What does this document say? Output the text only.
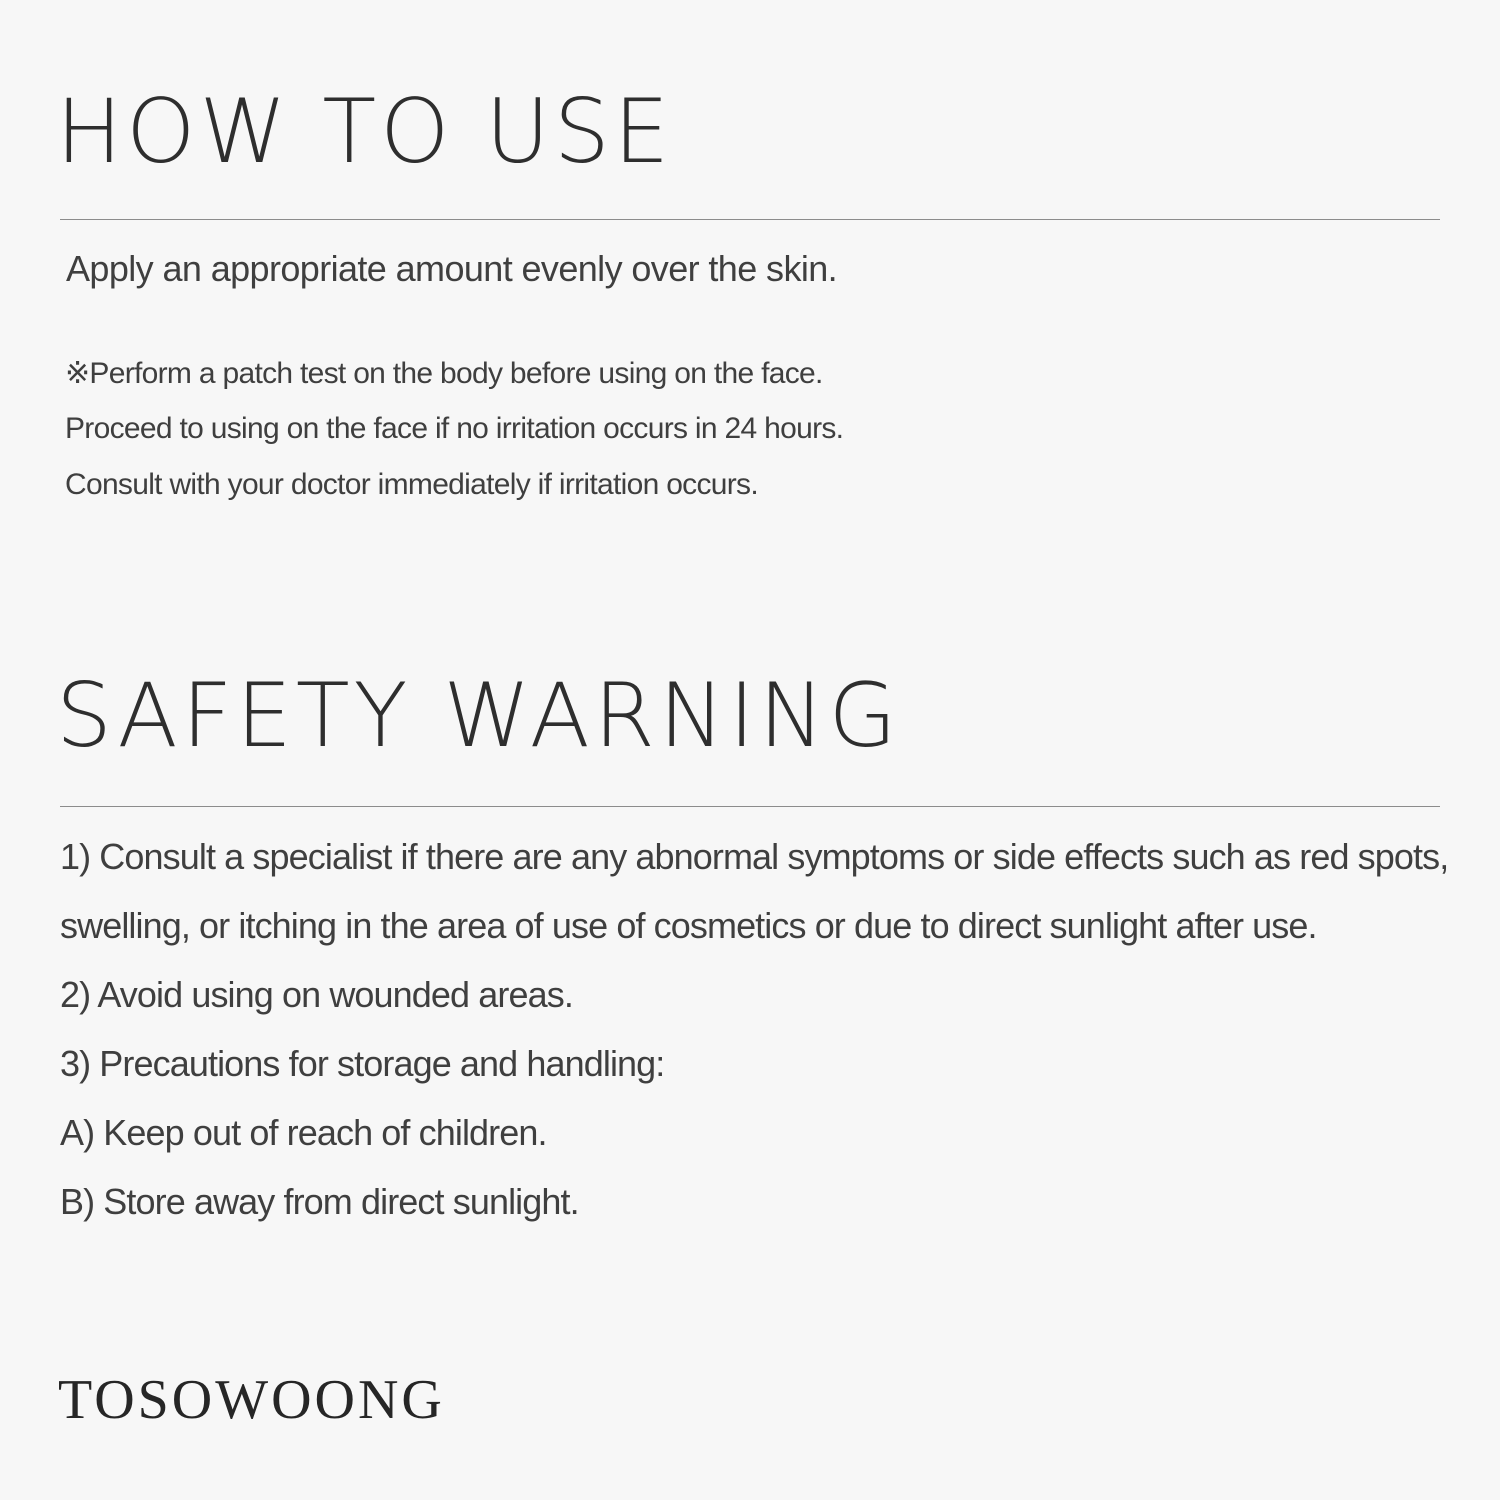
HOW TO USE

Apply an appropriate amount evenly over the skin.

※Perform a patch test on the body before using on the face.

Proceed to using on the face if no irritation occurs in 24 hours.

Consult with your doctor immediately if irritation occurs.

SAFETY WARNING

1) Consult a specialist if there are any abnormal symptoms or side effects such as red spots,

swelling, or itching in the area of use of cosmetics or due to direct sunlight after use.

2) Avoid using on wounded areas.

3) Precautions for storage and handling:

A) Keep out of reach of children.

B) Store away from direct sunlight.

TOSOWOONG
